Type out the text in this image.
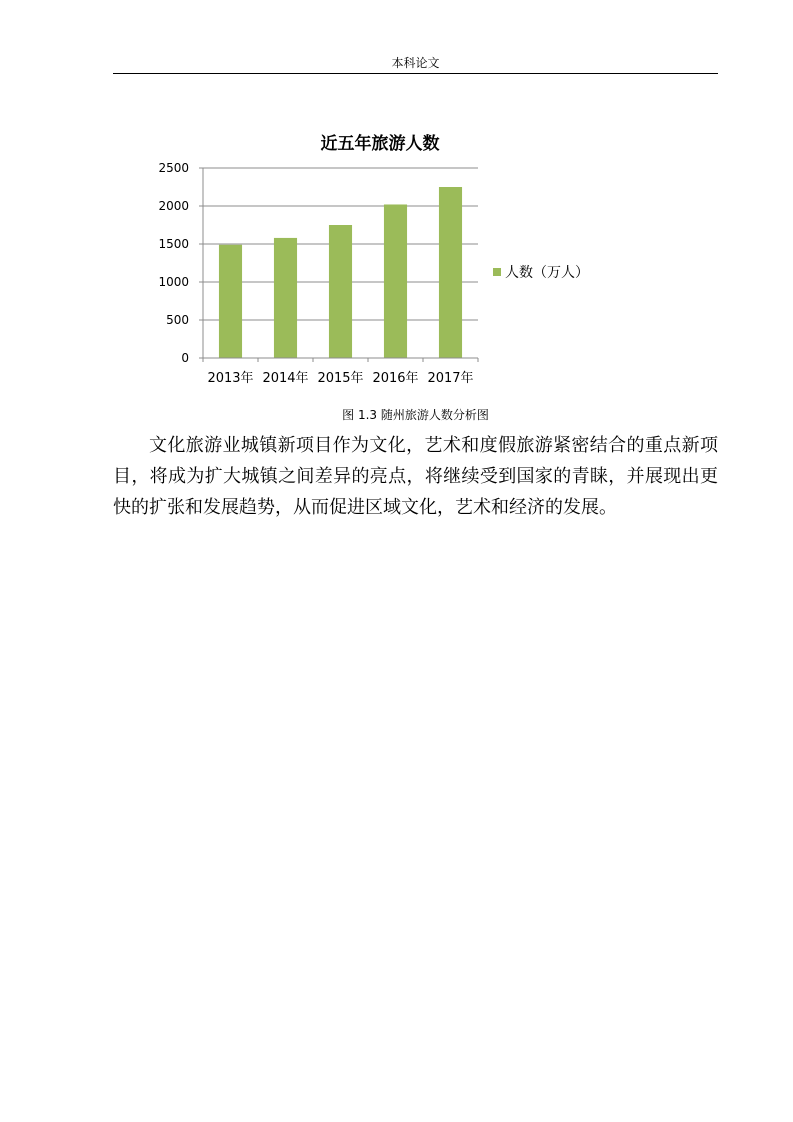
本科论文
近五年旅游人数
0
500
1000
1500
2000
2500
2013年 2014年 2015年 2016年 2017年
人数（万人）
图 1.3 随州旅游人数分析图

文化旅游业城镇新项目作为文化，艺术和度假旅游紧密结合的重点新项目，将成为扩大城镇之间差异的亮点，将继续受到国家的青睐，并展现出更快的扩张和发展趋势，从而促进区域文化，艺术和经济的发展。
